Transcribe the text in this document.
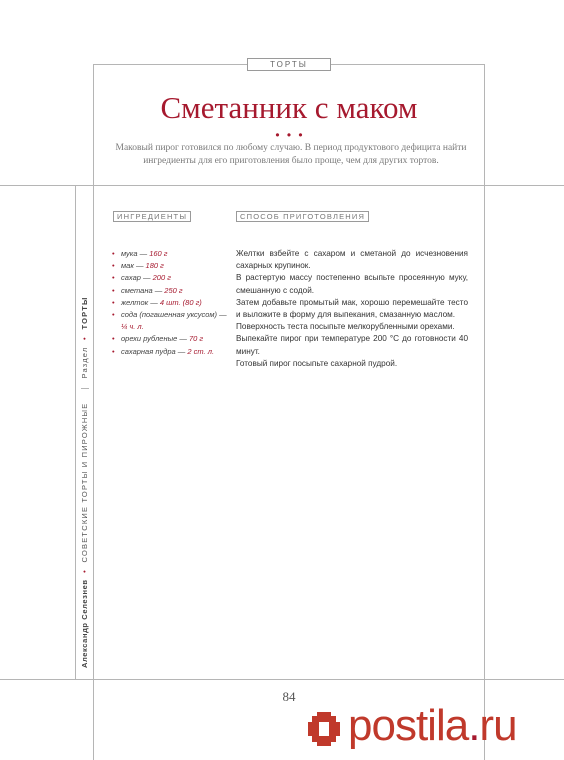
ТОРТЫ
Сметанник с маком
• • •

Маковый пирог готовился по любому случаю. В период продуктового дефицита найти ингредиенты для его приготовления было проще, чем для других тортов.

ИНГРЕДИЕНТЫ	СПОСОБ ПРИГОТОВЛЕНИЯ
• мука — 160 г
• мак — 180 г
• сахар — 200 г
• сметана — 250 г
• желток — 4 шт. (80 г)
• сода (погашенная уксусом) — ¼ ч. л.
• орехи рубленые — 70 г
• сахарная пудра — 2 ст. л.

Желтки взбейте с сахаром и сметаной до исчезновения сахарных крупинок.

В растертую массу постепенно всыпьте просеянную муку, смешанную с содой.

Затем добавьте промытый мак, хорошо перемешайте тесто и выложите в форму для выпекания, смазанную маслом.

Поверхность теста посыпьте мелкорубленными орехами.

Выпекайте пирог при температуре 200 °С до готовности 40 минут.

Готовый пирог посыпьте сахарной пудрой.

Александр Селезнев  •  СОВЕТСКИЕ ТОРТЫ И ПИРОЖНЫЕ       Раздел  •  ТОРТЫ
84
postila.ru
